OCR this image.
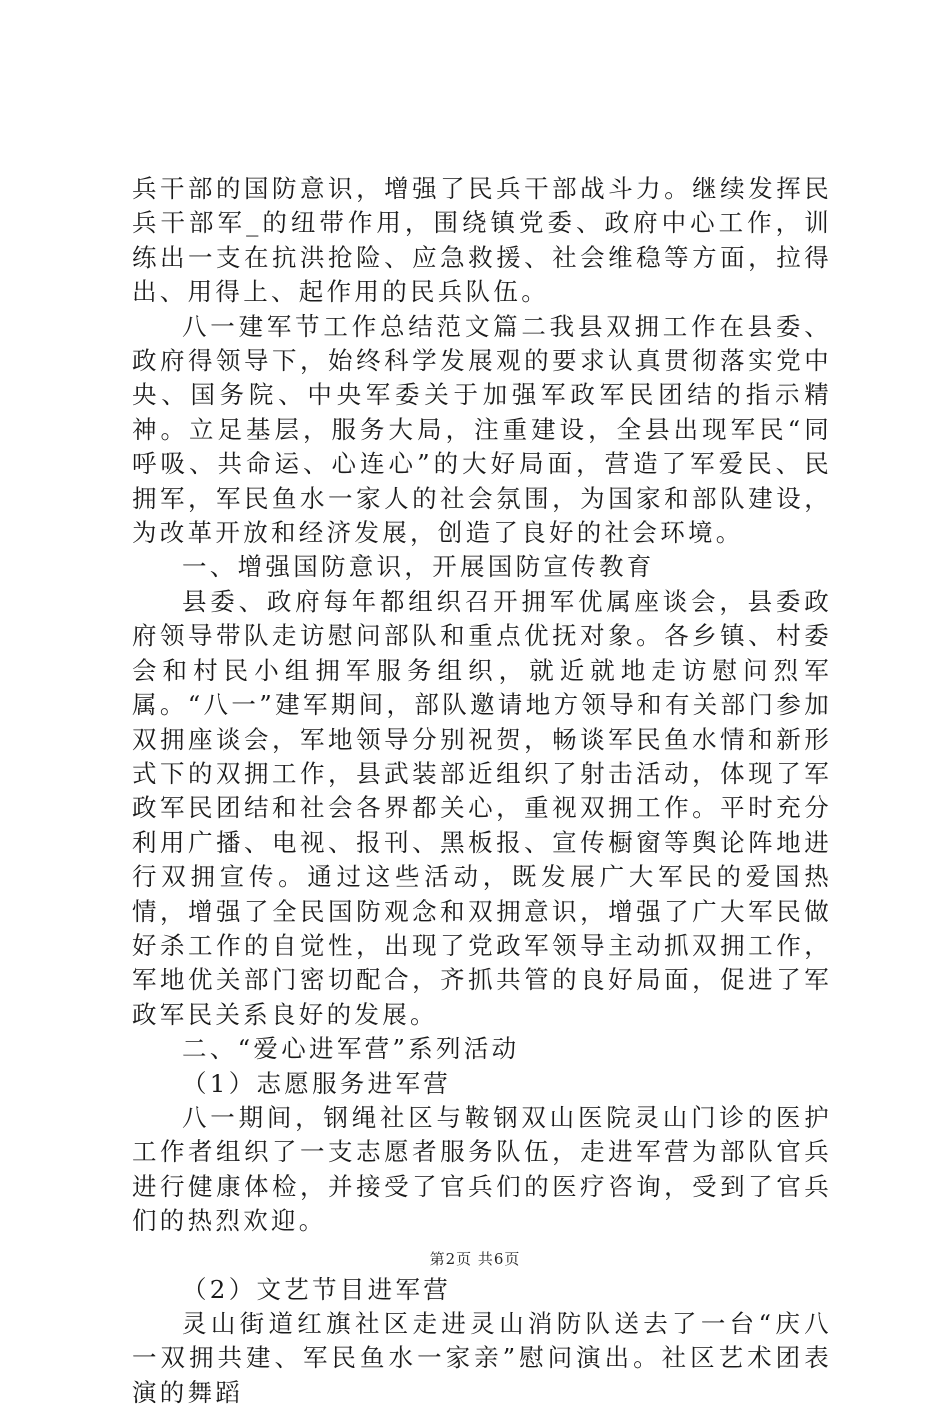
兵干部的国防意识，增强了民兵干部战斗力。继续发挥民兵干部军_的纽带作用，围绕镇党委、政府中心工作，训练出一支在抗洪抢险、应急救援、社会维稳等方面，拉得出、用得上、起作用的民兵队伍。

八一建军节工作总结范文篇二我县双拥工作在县委、政府得领导下，始终科学发展观的要求认真贯彻落实党中央、国务院、中央军委关于加强军政军民团结的指示精神。立足基层，服务大局，注重建设，全县出现军民“同呼吸、共命运、心连心”的大好局面，营造了军爱民、民拥军，军民鱼水一家人的社会氛围，为国家和部队建设，为改革开放和经济发展，创造了良好的社会环境。

一、增强国防意识，开展国防宣传教育

县委、政府每年都组织召开拥军优属座谈会，县委政府领导带队走访慰问部队和重点优抚对象。各乡镇、村委会和村民小组拥军服务组织，就近就地走访慰问烈军属。“八一”建军期间，部队邀请地方领导和有关部门参加双拥座谈会，军地领导分别祝贺，畅谈军民鱼水情和新形式下的双拥工作，县武装部近组织了射击活动，体现了军政军民团结和社会各界都关心，重视双拥工作。平时充分利用广播、电视、报刊、黑板报、宣传橱窗等舆论阵地进行双拥宣传。通过这些活动，既发展广大军民的爱国热情，增强了全民国防观念和双拥意识，增强了广大军民做好杀工作的自觉性，出现了党政军领导主动抓双拥工作，军地优关部门密切配合，齐抓共管的良好局面，促进了军政军民关系良好的发展。

二、“爱心进军营”系列活动

（1）志愿服务进军营

八一期间，钢绳社区与鞍钢双山医院灵山门诊的医护工作者组织了一支志愿者服务队伍，走进军营为部队官兵进行健康体检，并接受了官兵们的医疗咨询，受到了官兵们的热烈欢迎。

（2）文艺节目进军营

灵山街道红旗社区走进灵山消防队送去了一台“庆八一双拥共建、军民鱼水一家亲”慰问演出。社区艺术团表演的舞蹈

第2页 共6页
